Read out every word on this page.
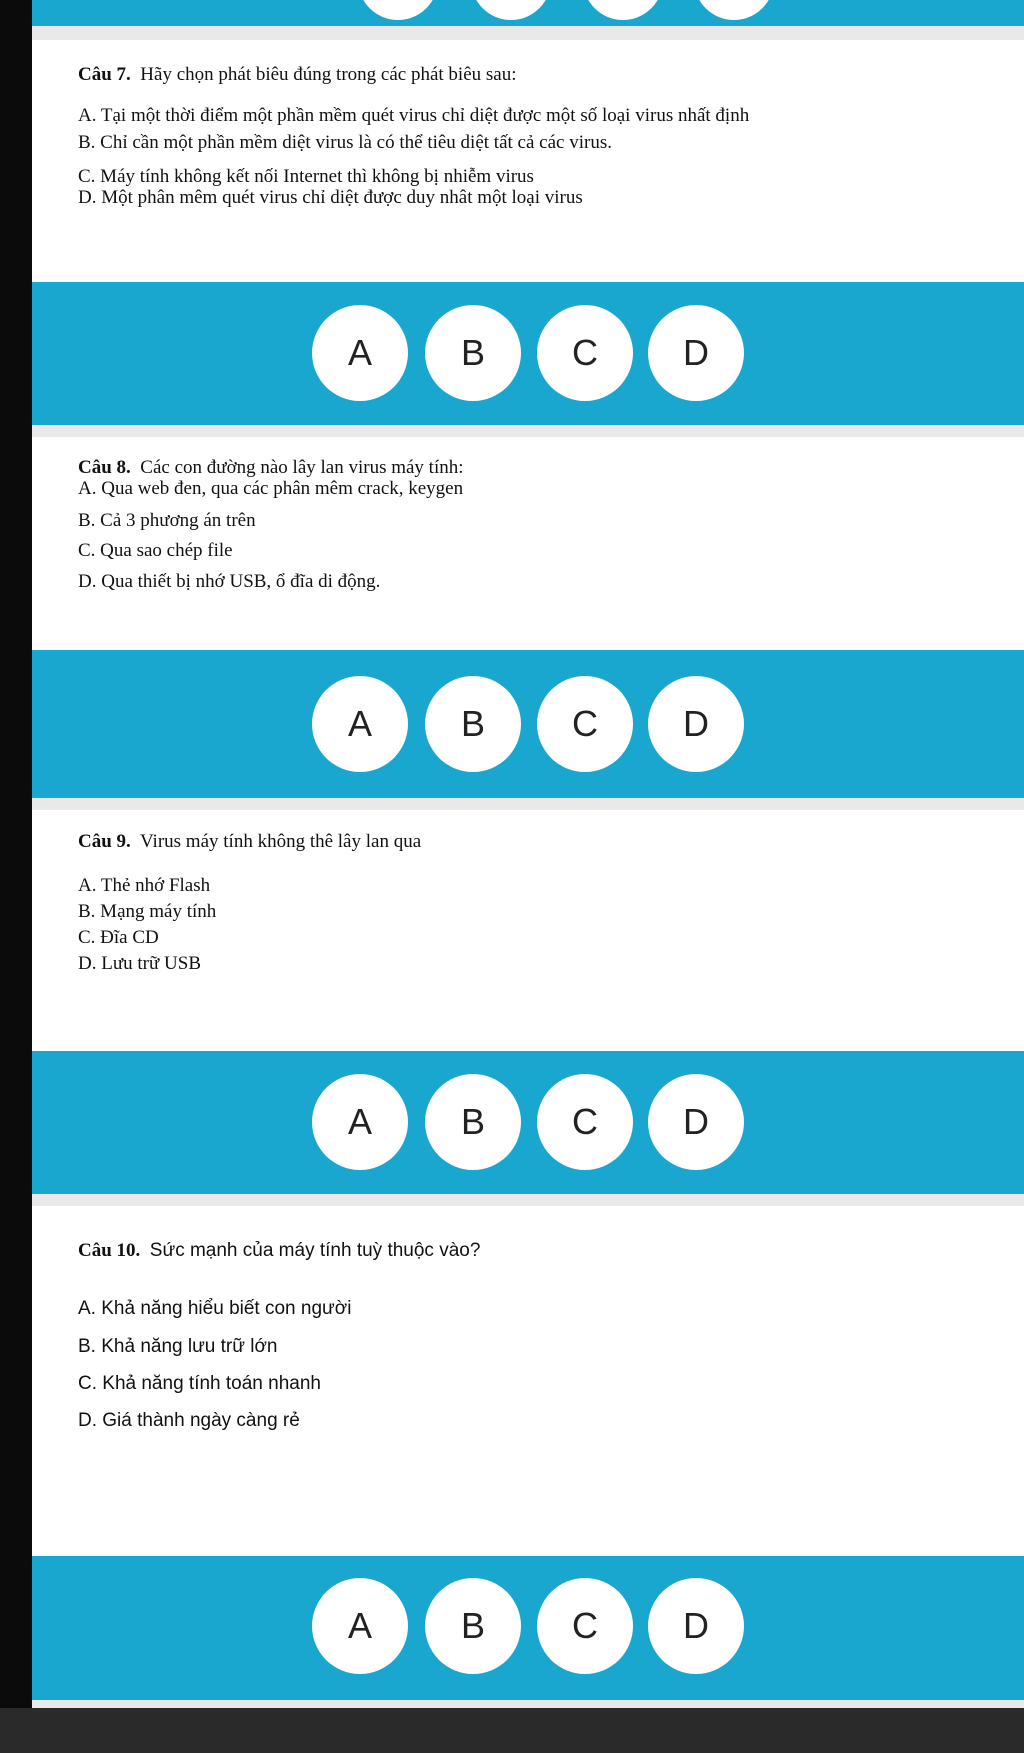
Câu 7. Hãy chọn phát biêu đúng trong các phát biêu sau:
A. Tại một thời điểm một phần mềm quét virus chỉ diệt được một số loại virus nhất định
B. Chỉ cần một phần mềm diệt virus là có thể tiêu diệt tất cả các virus.
C. Máy tính không kết nối Internet thì không bị nhiễm virus
D. Một phân mêm quét virus chỉ diệt được duy nhât một loại virus
A	B	C	D
Câu 8. Các con đường nào lây lan virus máy tính:
A. Qua web đen, qua các phân mêm crack, keygen
B. Cả 3 phương án trên
C. Qua sao chép file
D. Qua thiết bị nhớ USB, ổ đĩa di động.
A	B	C	D
Câu 9. Virus máy tính không thê lây lan qua
A. Thẻ nhớ Flash
B. Mạng máy tính
C. Đĩa CD
D. Lưu trữ USB
A	B	C	D
Câu 10. Sức mạnh của máy tính tuỳ thuộc vào?
A. Khả năng hiểu biết con người
B. Khả năng lưu trữ lớn
C. Khả năng tính toán nhanh
D. Giá thành ngày càng rẻ
A	B	C	D
